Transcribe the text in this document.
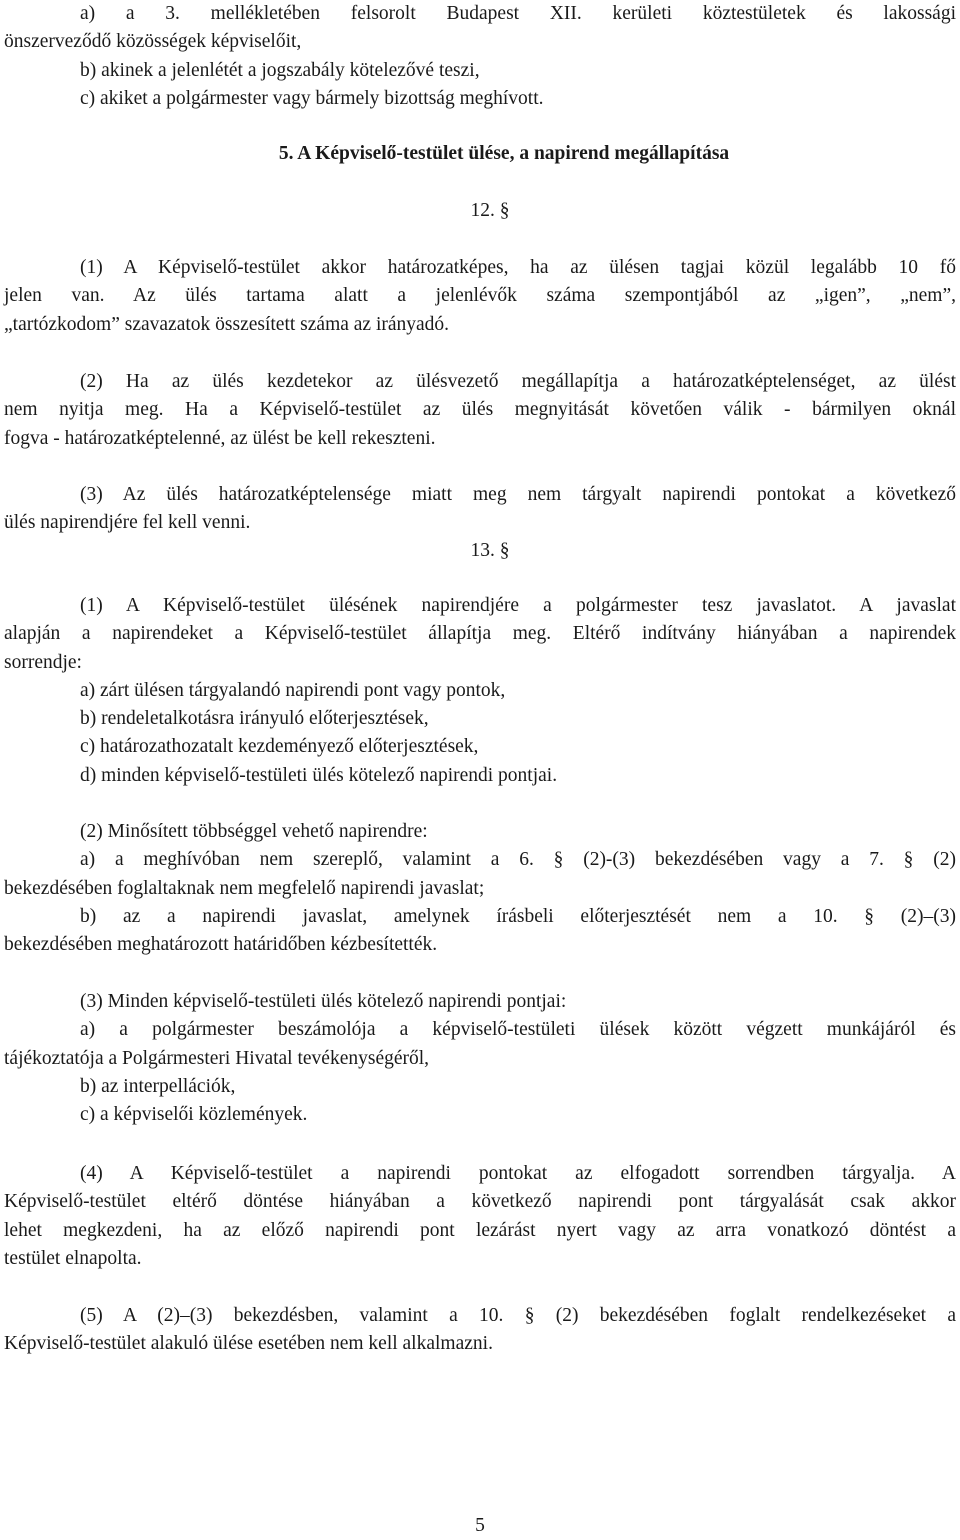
a) a 3. mellékletében felsorolt Budapest XII. kerületi köztestületek és lakossági
önszerveződő közösségek képviselőit,
b) akinek a jelenlétét a jogszabály kötelezővé teszi,
c) akiket a polgármester vagy bármely bizottság meghívott.
5. A Képviselő-testület ülése, a napirend megállapítása
12. §
(1) A Képviselő-testület akkor határozatképes, ha az ülésen tagjai közül legalább 10 fő
jelen van. Az ülés tartama alatt a jelenlévők száma szempontjából az „igen”, „nem”,
„tartózkodom” szavazatok összesített száma az irányadó.
(2) Ha az ülés kezdetekor az ülésvezető megállapítja a határozatképtelenséget, az ülést
nem nyitja meg. Ha a Képviselő-testület az ülés megnyitását követően válik - bármilyen oknál
fogva - határozatképtelenné, az ülést be kell rekeszteni.
(3) Az ülés határozatképtelensége miatt meg nem tárgyalt napirendi pontokat a következő
ülés napirendjére fel kell venni.
13. §
(1) A Képviselő-testület ülésének napirendjére a polgármester tesz javaslatot. A javaslat
alapján a napirendeket a Képviselő-testület állapítja meg. Eltérő indítvány hiányában a napirendek
sorrendje:
a) zárt ülésen tárgyalandó napirendi pont vagy pontok,
b) rendeletalkotásra irányuló előterjesztések,
c) határozathozatalt kezdeményező előterjesztések,
d) minden képviselő-testületi ülés kötelező napirendi pontjai.
(2) Minősített többséggel vehető napirendre:
a) a meghívóban nem szereplő, valamint a 6. § (2)-(3) bekezdésében vagy a 7. § (2)
bekezdésében foglaltaknak nem megfelelő napirendi javaslat;
b) az a napirendi javaslat, amelynek írásbeli előterjesztését nem a 10. § (2)–(3)
bekezdésében meghatározott határidőben kézbesítették.
(3) Minden képviselő-testületi ülés kötelező napirendi pontjai:
a) a polgármester beszámolója a képviselő-testületi ülések között végzett munkájáról és
tájékoztatója a Polgármesteri Hivatal tevékenységéről,
b) az interpellációk,
c) a képviselői közlemények.
(4) A Képviselő-testület a napirendi pontokat az elfogadott sorrendben tárgyalja. A
Képviselő-testület eltérő döntése hiányában a következő napirendi pont tárgyalását csak akkor
lehet megkezdeni, ha az előző napirendi pont lezárást nyert vagy az arra vonatkozó döntést a
testület elnapolta.
(5) A (2)–(3) bekezdésben, valamint a 10. § (2) bekezdésében foglalt rendelkezéseket a
Képviselő-testület alakuló ülése esetében nem kell alkalmazni.
5
